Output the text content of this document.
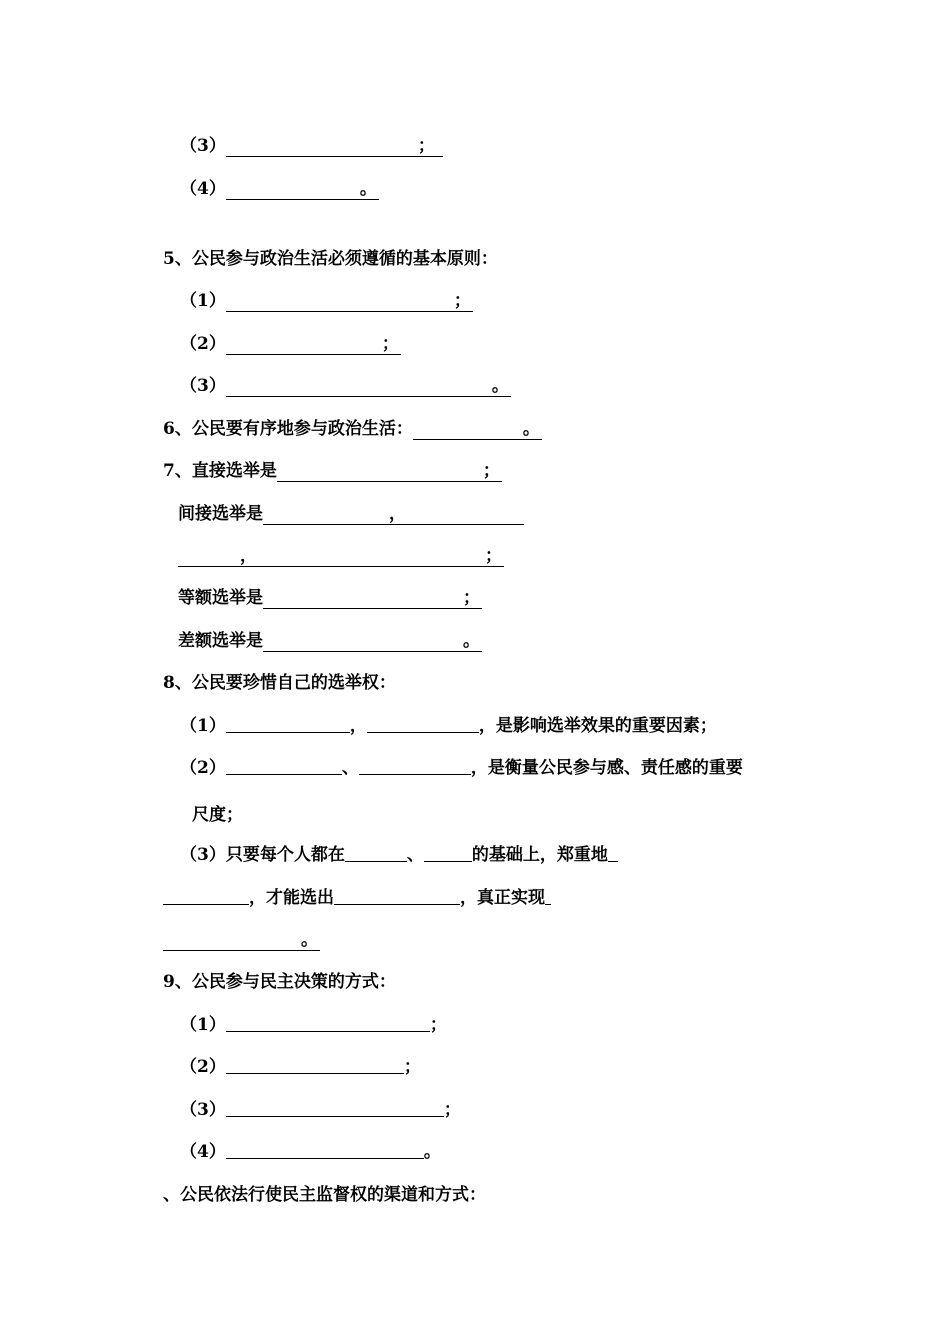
（3）	；
（4）	。
5、公民参与政治生活必须遵循的基本原则：
（1）	；
（2）	；
（3）	。
6、公民要有序地参与政治生活：	。
7、直接选举是	；
间接选举是	，
，	；
等额选举是	；
差额选举是	。
8、公民要珍惜自己的选举权：
（1）	，	，是影响选举效果的重要因素；
（2）	、	，是衡量公民参与感、责任感的重要
尺度；
（3）只要每个人都在	、	的基础上，郑重地
，才能选出	，真正实现
。
9、公民参与民主决策的方式：
（1）	；
（2）	；
（3）	；
（4）	。
、公民依法行使民主监督权的渠道和方式：
